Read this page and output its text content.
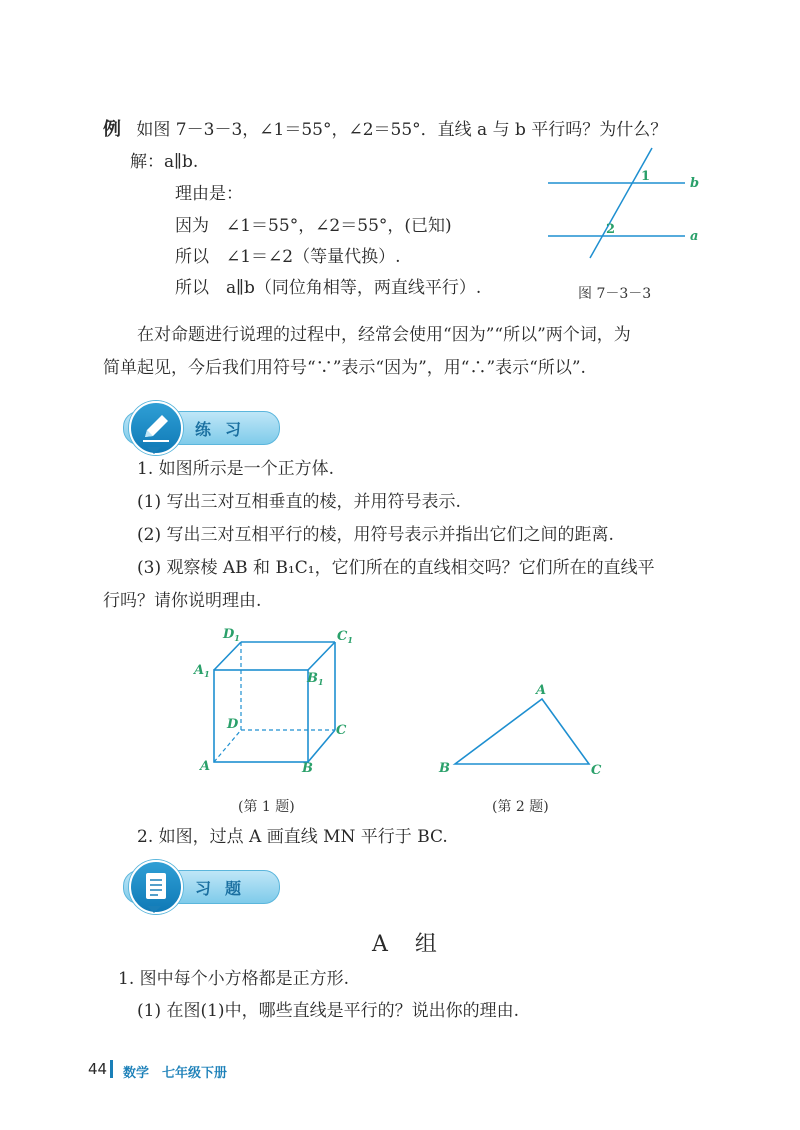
例 如图 7－3－3，∠1＝55°，∠2＝55°．直线 a 与 b 平行吗？为什么？
解：a∥b.
理由是：
因为　∠1＝55°，∠2＝55°，(已知)
所以　∠1＝∠2（等量代换）.
所以　a∥b（同位角相等，两直线平行）.
1
2
b
a
图 7－3－3
在对命题进行说理的过程中，经常会使用“因为”“所以”两个词，为
简单起见，今后我们用符号“∵”表示“因为”，用“∴”表示“所以”.
练习
1. 如图所示是一个正方体.
(1) 写出三对互相垂直的棱，并用符号表示.
(2) 写出三对互相平行的棱，用符号表示并指出它们之间的距离.
(3) 观察棱 AB 和 B₁C₁，它们所在的直线相交吗？它们所在的直线平
行吗？请你说明理由.
$D_1$	$C_1$
$A_1$	$B_1$
D	C
A	B
(第 1 题)
A
B	C
(第 2 题)
2. 如图，过点 A 画直线 MN 平行于 BC.
习题
A 组
1. 图中每个小方格都是正方形.
(1) 在图(1)中，哪些直线是平行的？说出你的理由.
44 数学　七年级下册
